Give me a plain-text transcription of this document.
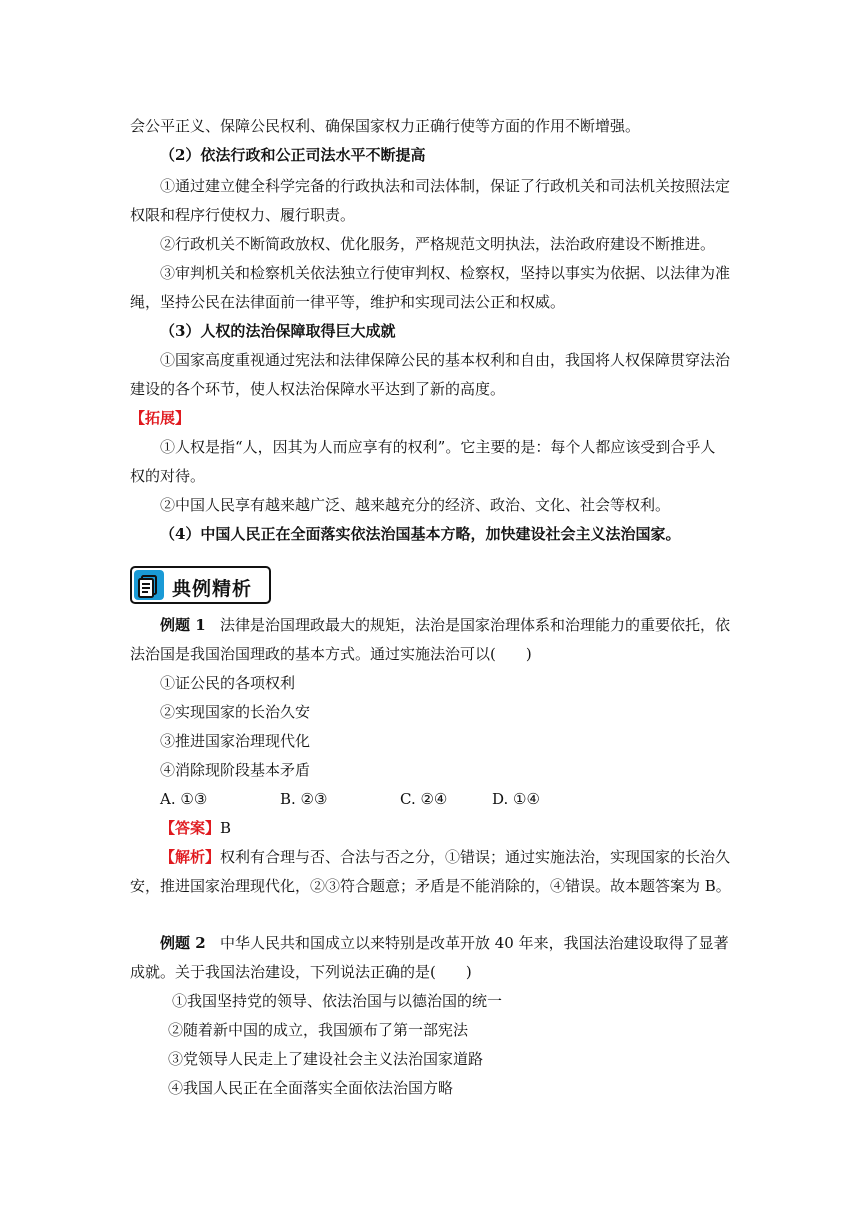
会公平正义、保障公民权利、确保国家权力正确行使等方面的作用不断增强。
（2）依法行政和公正司法水平不断提高
①通过建立健全科学完备的行政执法和司法体制，保证了行政机关和司法机关按照法定
权限和程序行使权力、履行职责。
②行政机关不断简政放权、优化服务，严格规范文明执法，法治政府建设不断推进。
③审判机关和检察机关依法独立行使审判权、检察权，坚持以事实为依据、以法律为准
绳，坚持公民在法律面前一律平等，维护和实现司法公正和权威。
（3）人权的法治保障取得巨大成就
①国家高度重视通过宪法和法律保障公民的基本权利和自由，我国将人权保障贯穿法治
建设的各个环节，使人权法治保障水平达到了新的高度。
【拓展】
①人权是指“人，因其为人而应享有的权利”。它主要的是：每个人都应该受到合乎人
权的对待。
②中国人民享有越来越广泛、越来越充分的经济、政治、文化、社会等权利。
（4）中国人民正在全面落实依法治国基本方略，加快建设社会主义法治国家。
典例精析
例题 1 法律是治国理政最大的规矩，法治是国家治理体系和治理能力的重要依托，依
法治国是我国治国理政的基本方式。通过实施法治可以(　　)
①证公民的各项权利
②实现国家的长治久安
③推进国家治理现代化
④消除现阶段基本矛盾
A. ①③	B. ②③	C. ②④	D. ①④
【答案】B
【解析】权利有合理与否、合法与否之分，①错误；通过实施法治，实现国家的长治久
安，推进国家治理现代化，②③符合题意；矛盾是不能消除的，④错误。故本题答案为 B。
例题 2 中华人民共和国成立以来特别是改革开放 40 年来，我国法治建设取得了显著
成就。关于我国法治建设，下列说法正确的是(　　)
①我国坚持党的领导、依法治国与以德治国的统一
②随着新中国的成立，我国颁布了第一部宪法
③党领导人民走上了建设社会主义法治国家道路
④我国人民正在全面落实全面依法治国方略
